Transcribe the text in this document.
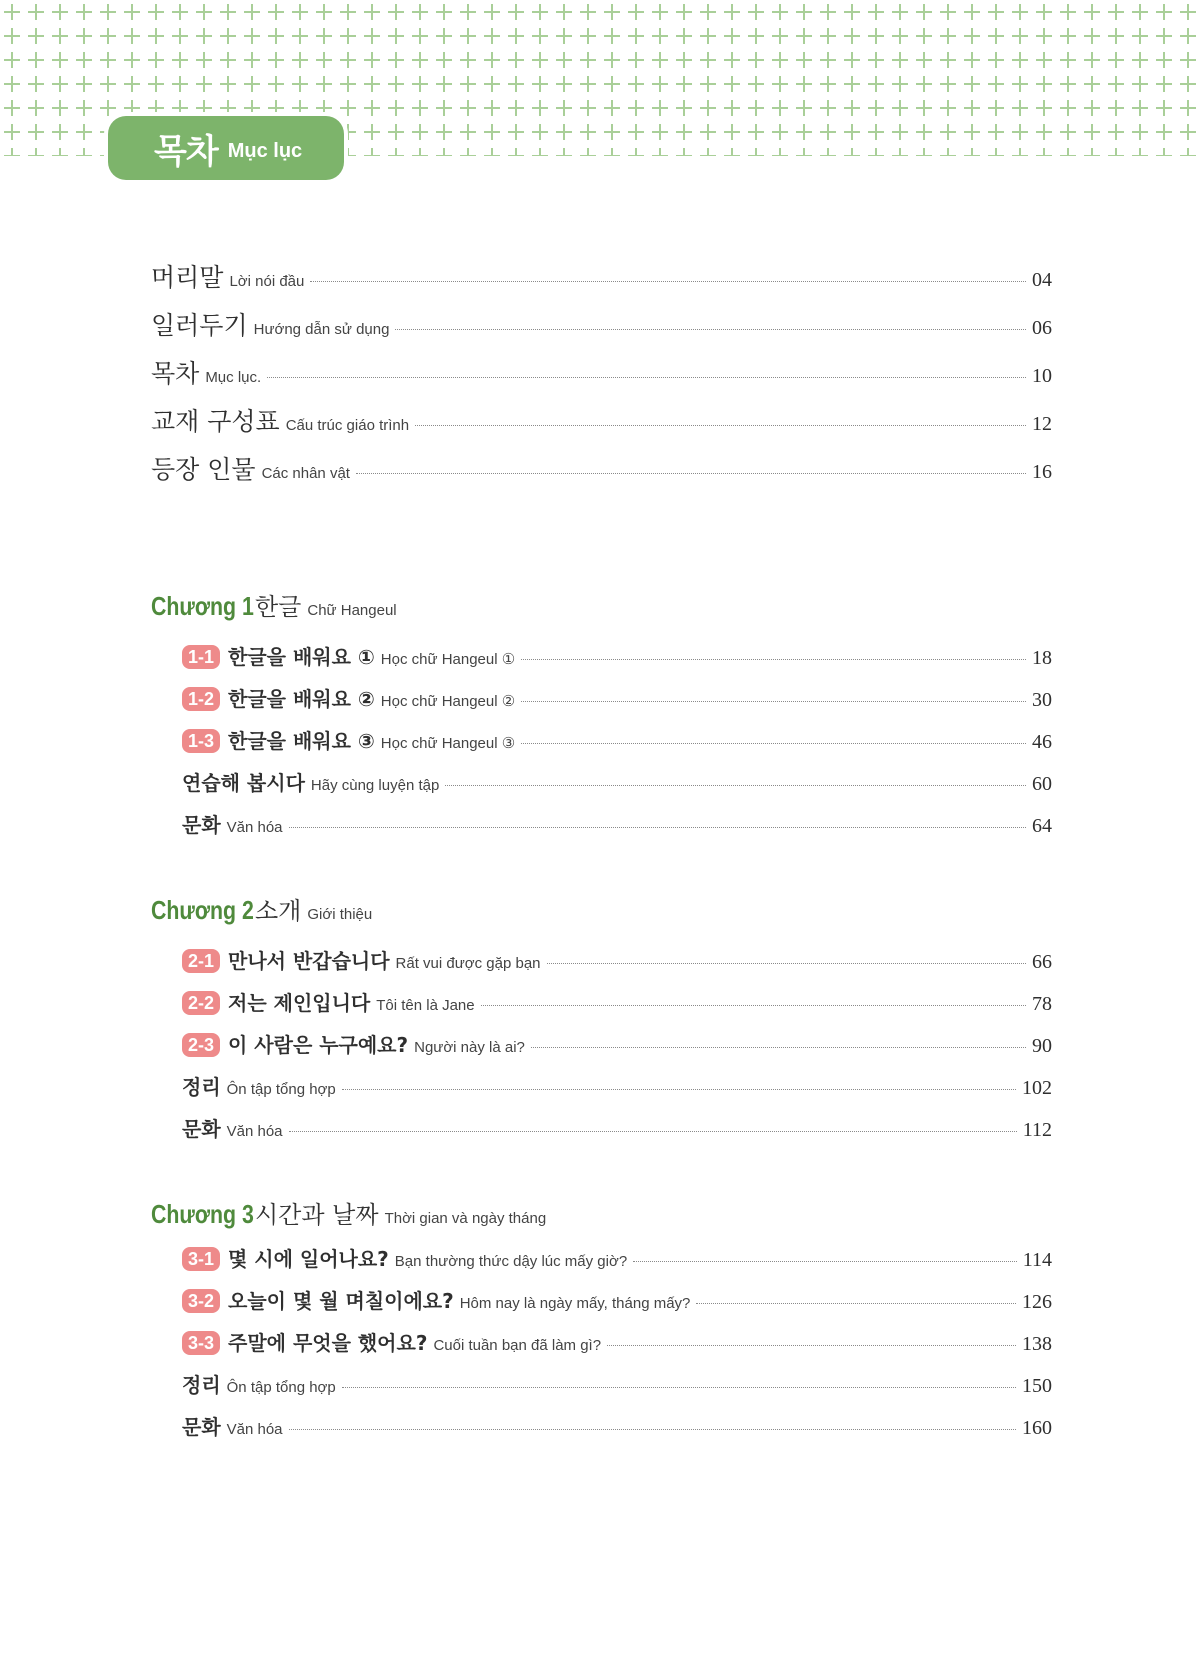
목차 Mục lục
머리말 Lời nói đầu	04
일러두기 Hướng dẫn sử dụng	06
목차 Mục lục.	10
교재 구성표 Cấu trúc giáo trình	12
등장 인물 Các nhân vật	16
Chương 1 한글 Chữ Hangeul
1-1 한글을 배워요 ① Học chữ Hangeul ①	18
1-2 한글을 배워요 ② Học chữ Hangeul ②	30
1-3 한글을 배워요 ③ Học chữ Hangeul ③	46
연습해 봅시다 Hãy cùng luyện tập	60
문화 Văn hóa	64
Chương 2 소개 Giới thiệu
2-1 만나서 반갑습니다 Rất vui được gặp bạn	66
2-2 저는 제인입니다 Tôi tên là Jane	78
2-3 이 사람은 누구예요? Người này là ai?	90
정리 Ôn tập tổng hợp	102
문화 Văn hóa	112
Chương 3 시간과 날짜 Thời gian và ngày tháng
3-1 몇 시에 일어나요? Bạn thường thức dậy lúc mấy giờ?	114
3-2 오늘이 몇 월 며칠이에요? Hôm nay là ngày mấy, tháng mấy?	126
3-3 주말에 무엇을 했어요? Cuối tuần bạn đã làm gì?	138
정리 Ôn tập tổng hợp	150
문화 Văn hóa	160
